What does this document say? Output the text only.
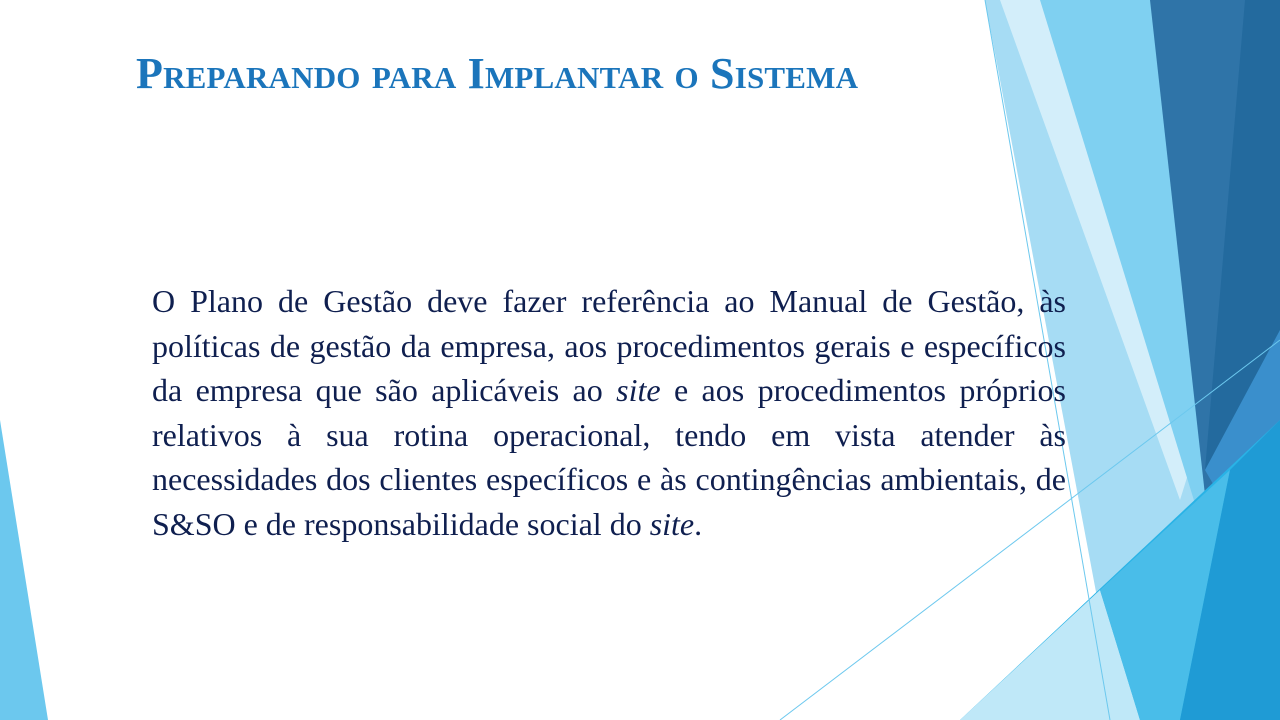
Preparando para Implantar o Sistema

O Plano de Gestão deve fazer referência ao Manual de Gestão, às políticas de gestão da empresa, aos procedimentos gerais e específicos da empresa que são aplicáveis ao site e aos procedimentos próprios relativos à sua rotina operacional, tendo em vista atender às necessidades dos clientes específicos e às contingências ambientais, de S&SO e de responsabilidade social do site.
